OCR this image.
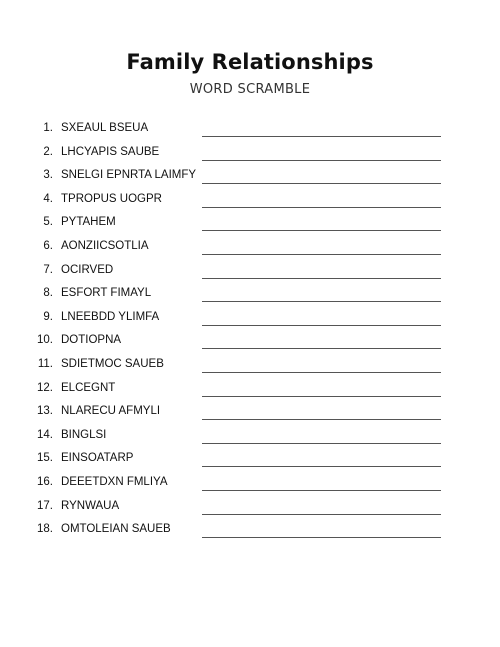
Family Relationships
WORD SCRAMBLE
1. SXEAUL BSEUA
2. LHCYAPIS SAUBE
3. SNELGI EPNRTA LAIMFY
4. TPROPUS UOGPR
5. PYTAHEM
6. AONZIICSOTLIA
7. OCIRVED
8. ESFORT FIMAYL
9. LNEEBDD YLIMFA
10. DOTIOPNA
11. SDIETMOC SAUEB
12. ELCEGNT
13. NLARECU AFMYLI
14. BINGLSI
15. EINSOATARP
16. DEEETDXN FMLIYA
17. RYNWAUA
18. OMTOLEIAN SAUEB
